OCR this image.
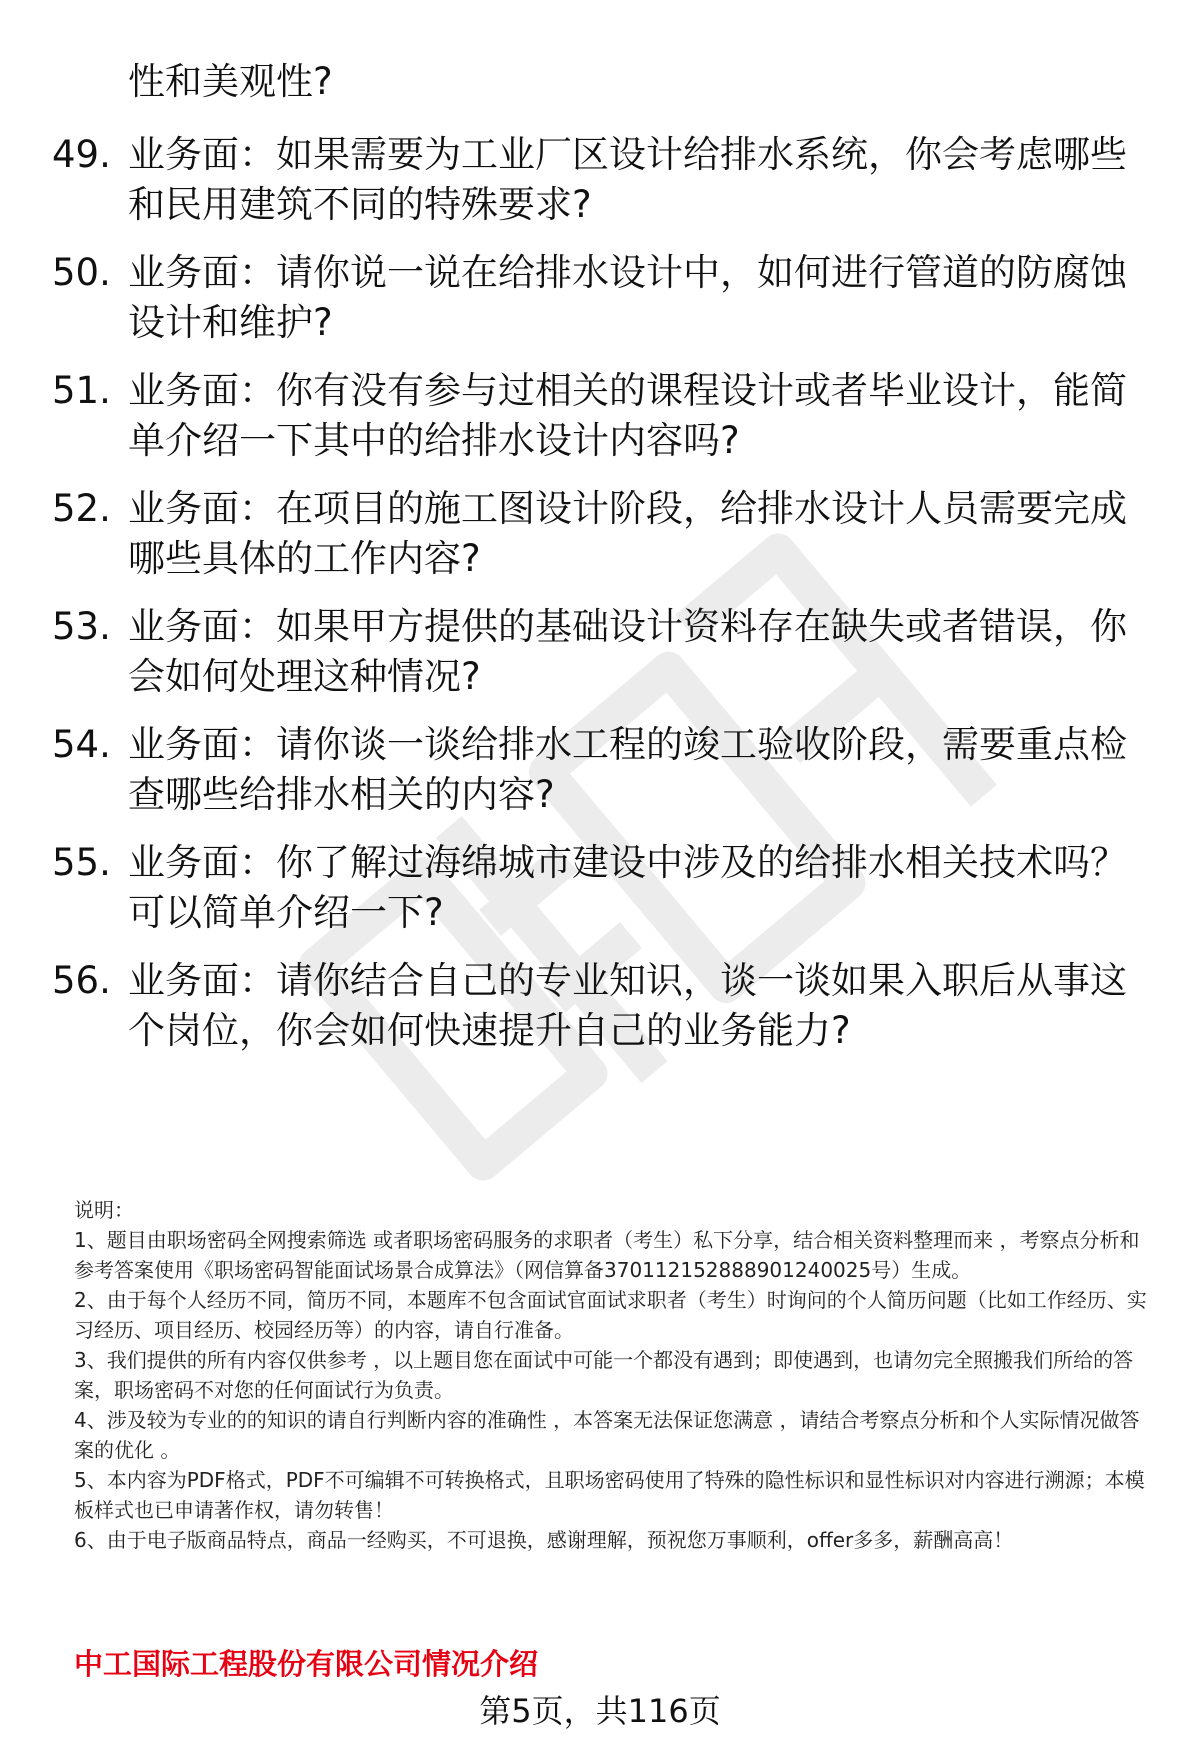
性和美观性?

49. 业务面：如果需要为工业厂区设计给排水系统，你会考虑哪些和民用建筑不同的特殊要求?
50. 业务面：请你说一说在给排水设计中，如何进行管道的防腐蚀设计和维护?
51. 业务面：你有没有参与过相关的课程设计或者毕业设计，能简单介绍一下其中的给排水设计内容吗?
52. 业务面：在项目的施工图设计阶段，给排水设计人员需要完成哪些具体的工作内容?
53. 业务面：如果甲方提供的基础设计资料存在缺失或者错误，你会如何处理这种情况?
54. 业务面：请你谈一谈给排水工程的竣工验收阶段，需要重点检查哪些给排水相关的内容?
55. 业务面：你了解过海绵城市建设中涉及的给排水相关技术吗？可以简单介绍一下?
56. 业务面：请你结合自己的专业知识，谈一谈如果入职后从事这个岗位，你会如何快速提升自己的业务能力?

说明：

1、题目由职场密码全网搜索筛选 或者职场密码服务的求职者（考生）私下分享，结合相关资料整理而来 ，考察点分析和参考答案使用《职场密码智能面试场景合成算法》（网信算备370112152888901240025号）生成。

2、由于每个人经历不同，简历不同，本题库不包含面试官面试求职者（考生）时询问的个人简历问题（比如工作经历、实习经历、项目经历、校园经历等）的内容，请自行准备。

3、我们提供的所有内容仅供参考 ，以上题目您在面试中可能一个都没有遇到；即使遇到，也请勿完全照搬我们所给的答案，职场密码不对您的任何面试行为负责。

4、涉及较为专业的的知识的请自行判断内容的准确性 ，本答案无法保证您满意 ，请结合考察点分析和个人实际情况做答案的优化 。

5、本内容为PDF格式，PDF不可编辑不可转换格式，且职场密码使用了特殊的隐性标识和显性标识对内容进行溯源；本模板样式也已申请著作权，请勿转售！

6、由于电子版商品特点，商品一经购买，不可退换，感谢理解，预祝您万事顺利，offer多多，薪酬高高！

中工国际工程股份有限公司情况介绍

第5页，共116页
